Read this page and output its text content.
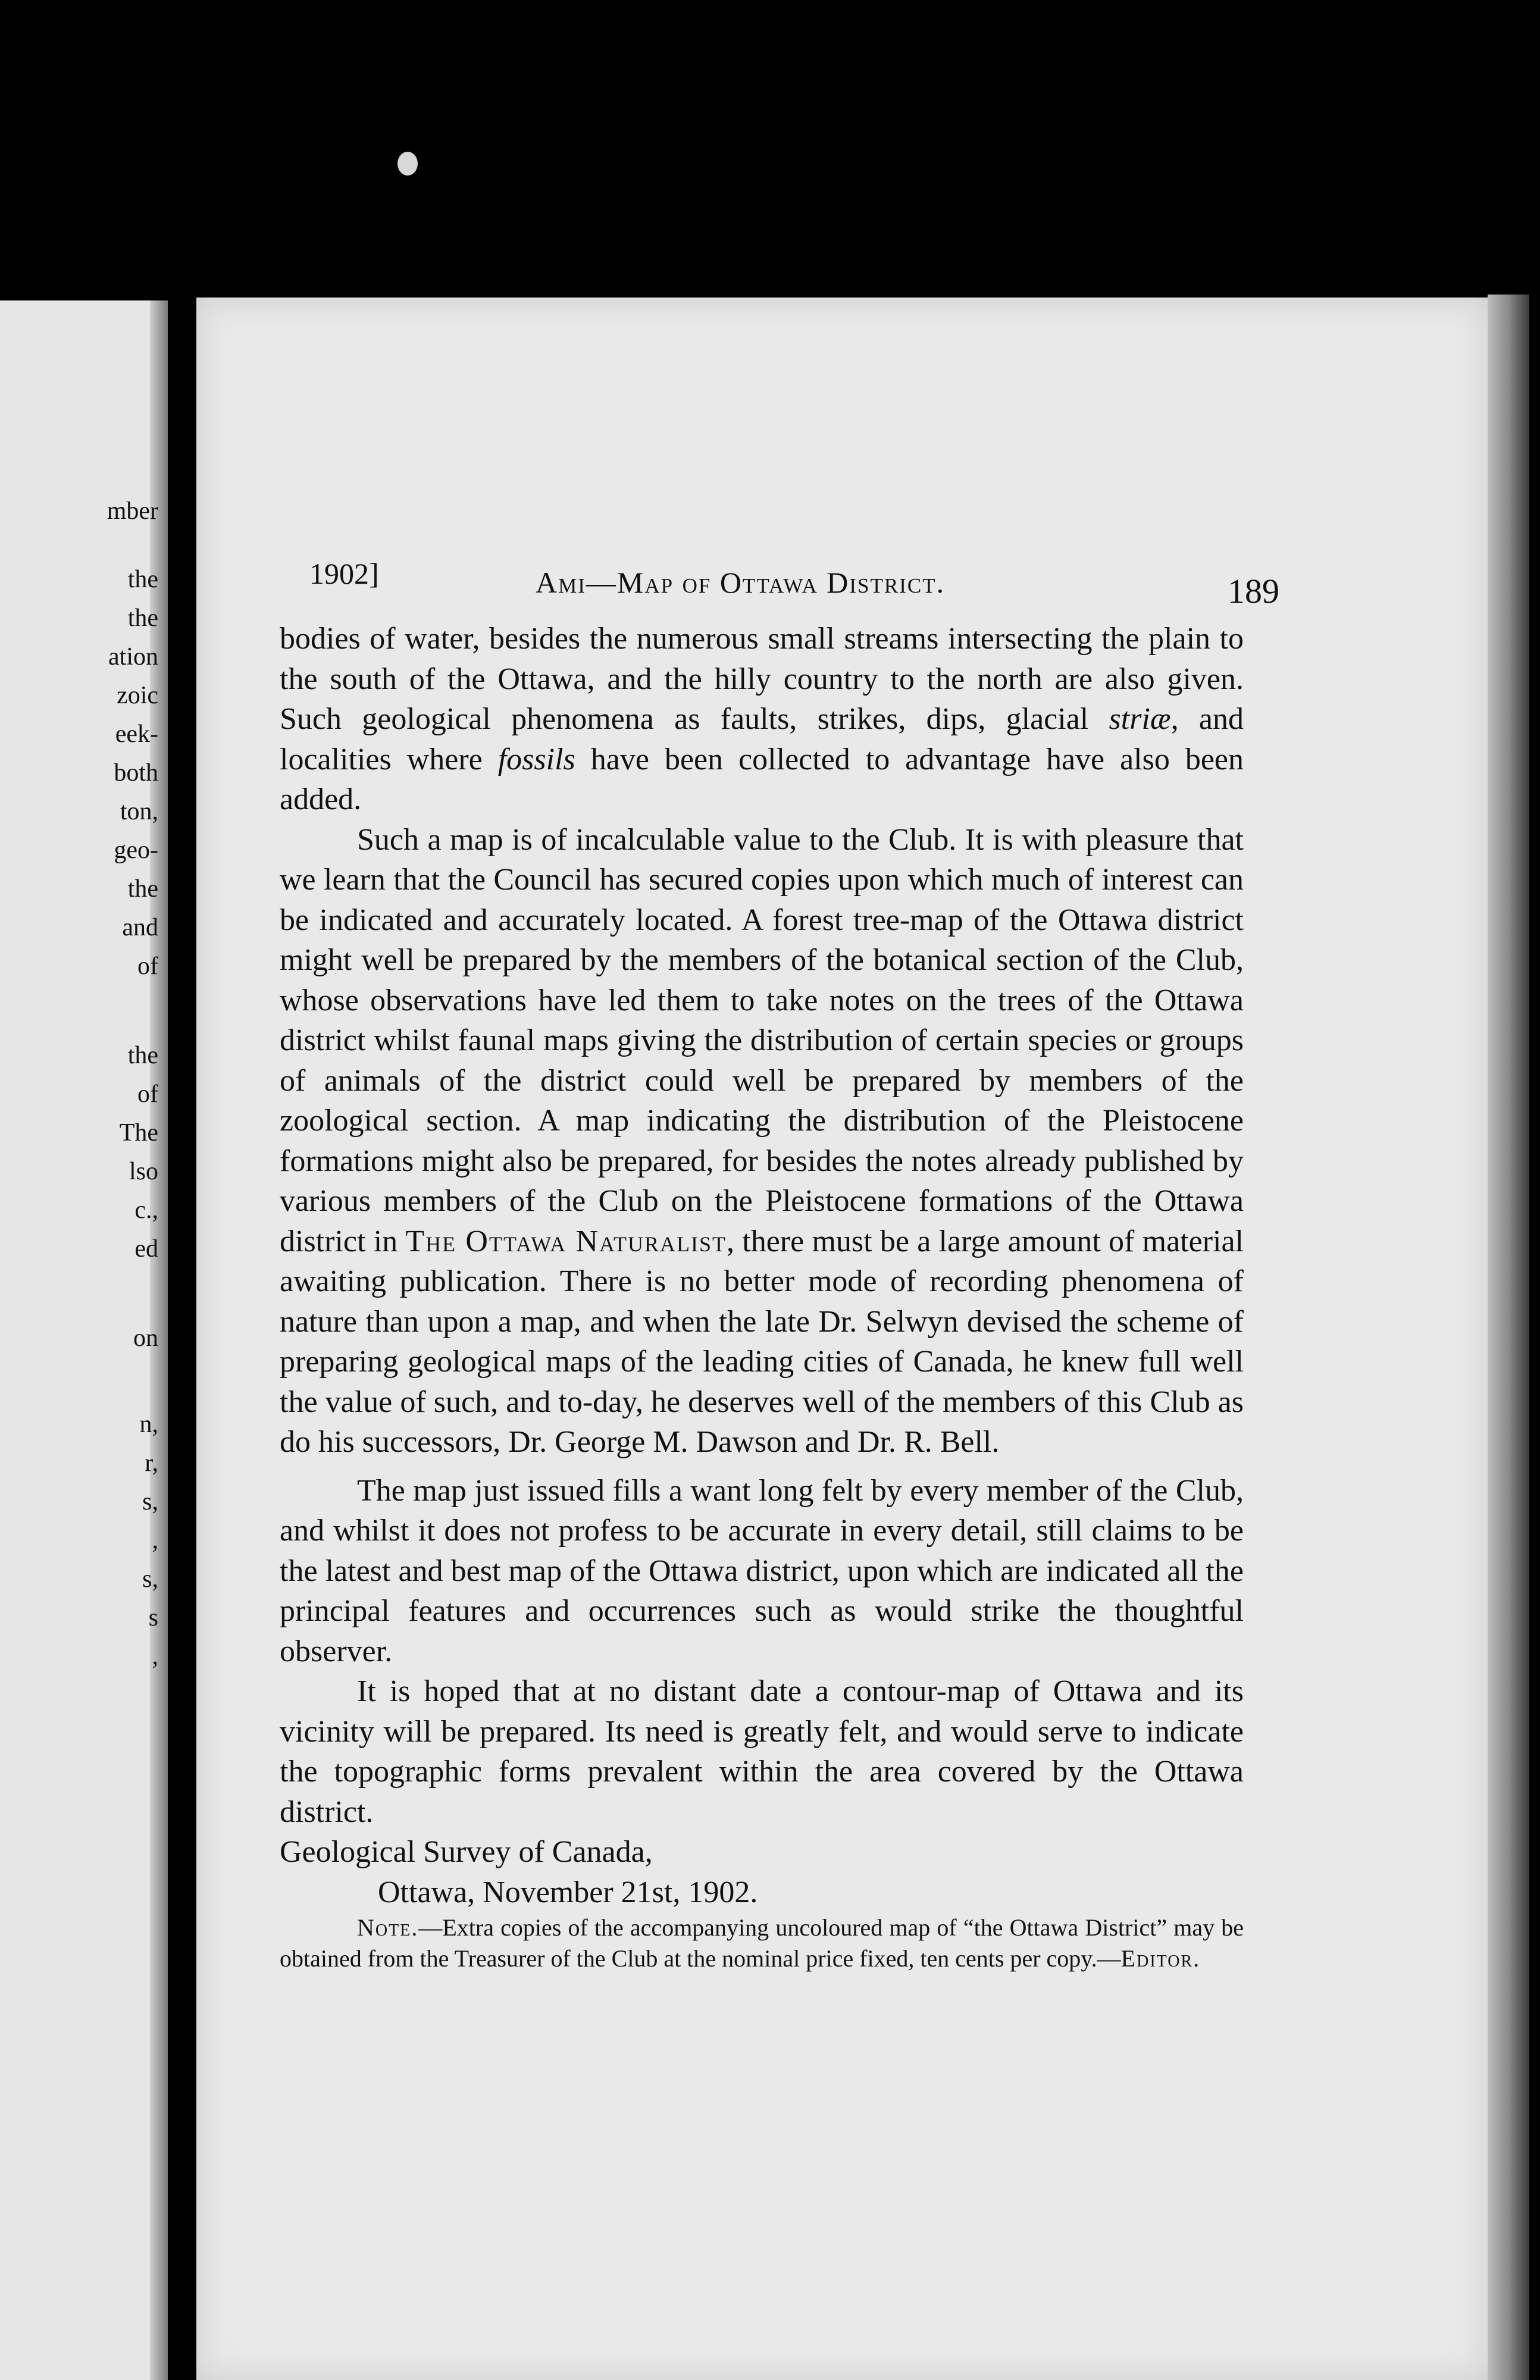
mber
the
the
ation
zoic
eek-
both
ton,
geo-
the
and
of
the
of
The
lso
c.,
ed
on
n,
r,
s,
,
s,
s
,
1902]	Ami—Map of Ottawa District.	189

bodies of water, besides the numerous small streams intersecting the plain to the south of the Ottawa, and the hilly country to the north are also given. Such geological phenomena as faults, strikes, dips, glacial striæ, and localities where fossils have been collected to advantage have also been added.

Such a map is of incalculable value to the Club. It is with pleasure that we learn that the Council has secured copies upon which much of interest can be indicated and accurately located. A forest tree-map of the Ottawa district might well be prepared by the members of the botanical section of the Club, whose observations have led them to take notes on the trees of the Ottawa district whilst faunal maps giving the distribution of certain species or groups of animals of the district could well be prepared by members of the zoological section. A map indicating the distribution of the Pleistocene formations might also be prepared, for besides the notes already published by various members of the Club on the Pleistocene formations of the Ottawa district in The Ottawa Naturalist, there must be a large amount of material awaiting publication. There is no better mode of recording phenomena of nature than upon a map, and when the late Dr. Selwyn devised the scheme of preparing geological maps of the leading cities of Canada, he knew full well the value of such, and to-day, he deserves well of the members of this Club as do his successors, Dr. George M. Dawson and Dr. R. Bell.

The map just issued fills a want long felt by every member of the Club, and whilst it does not profess to be accurate in every detail, still claims to be the latest and best map of the Ottawa district, upon which are indicated all the principal features and occurrences such as would strike the thoughtful observer.

It is hoped that at no distant date a contour-map of Ottawa and its vicinity will be prepared. Its need is greatly felt, and would serve to indicate the topographic forms prevalent within the area covered by the Ottawa district.

Geological Survey of Canada,

Ottawa, November 21st, 1902.

Note.—Extra copies of the accompanying uncoloured map of “the Ottawa District” may be obtained from the Treasurer of the Club at the nominal price fixed, ten cents per copy.—Editor.
